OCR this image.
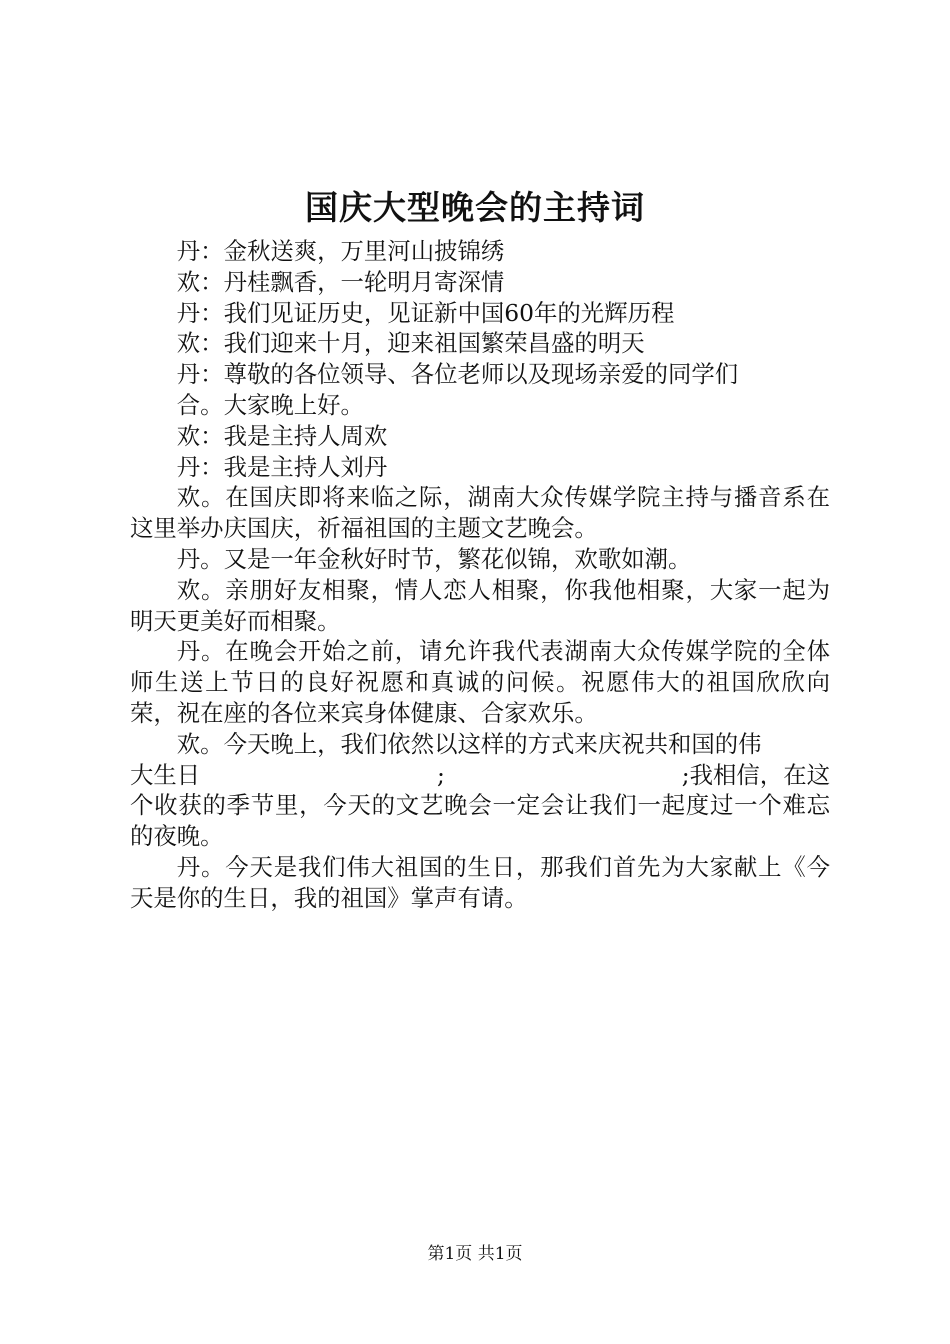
国庆大型晚会的主持词

丹：金秋送爽，万里河山披锦绣

欢：丹桂飘香，一轮明月寄深情

丹：我们见证历史，见证新中国60年的光辉历程

欢：我们迎来十月，迎来祖国繁荣昌盛的明天

丹：尊敬的各位领导、各位老师以及现场亲爱的同学们

合。大家晚上好。

欢：我是主持人周欢

丹：我是主持人刘丹

欢。在国庆即将来临之际，湖南大众传媒学院主持与播音系在这里举办庆国庆，祈福祖国的主题文艺晚会。

丹。又是一年金秋好时节，繁花似锦，欢歌如潮。

欢。亲朋好友相聚，情人恋人相聚，你我他相聚，大家一起为明天更美好而相聚。

丹。在晚会开始之前，请允许我代表湖南大众传媒学院的全体师生送上节日的良好祝愿和真诚的问候。祝愿伟大的祖国欣欣向荣，祝在座的各位来宾身体健康、合家欢乐。

欢。今天晚上，我们依然以这样的方式来庆祝共和国的伟

大生日	;	;我相信，在这

个收获的季节里，今天的文艺晚会一定会让我们一起度过一个难忘的夜晚。

丹。今天是我们伟大祖国的生日，那我们首先为大家献上《今天是你的生日，我的祖国》掌声有请。

第1页 共1页
